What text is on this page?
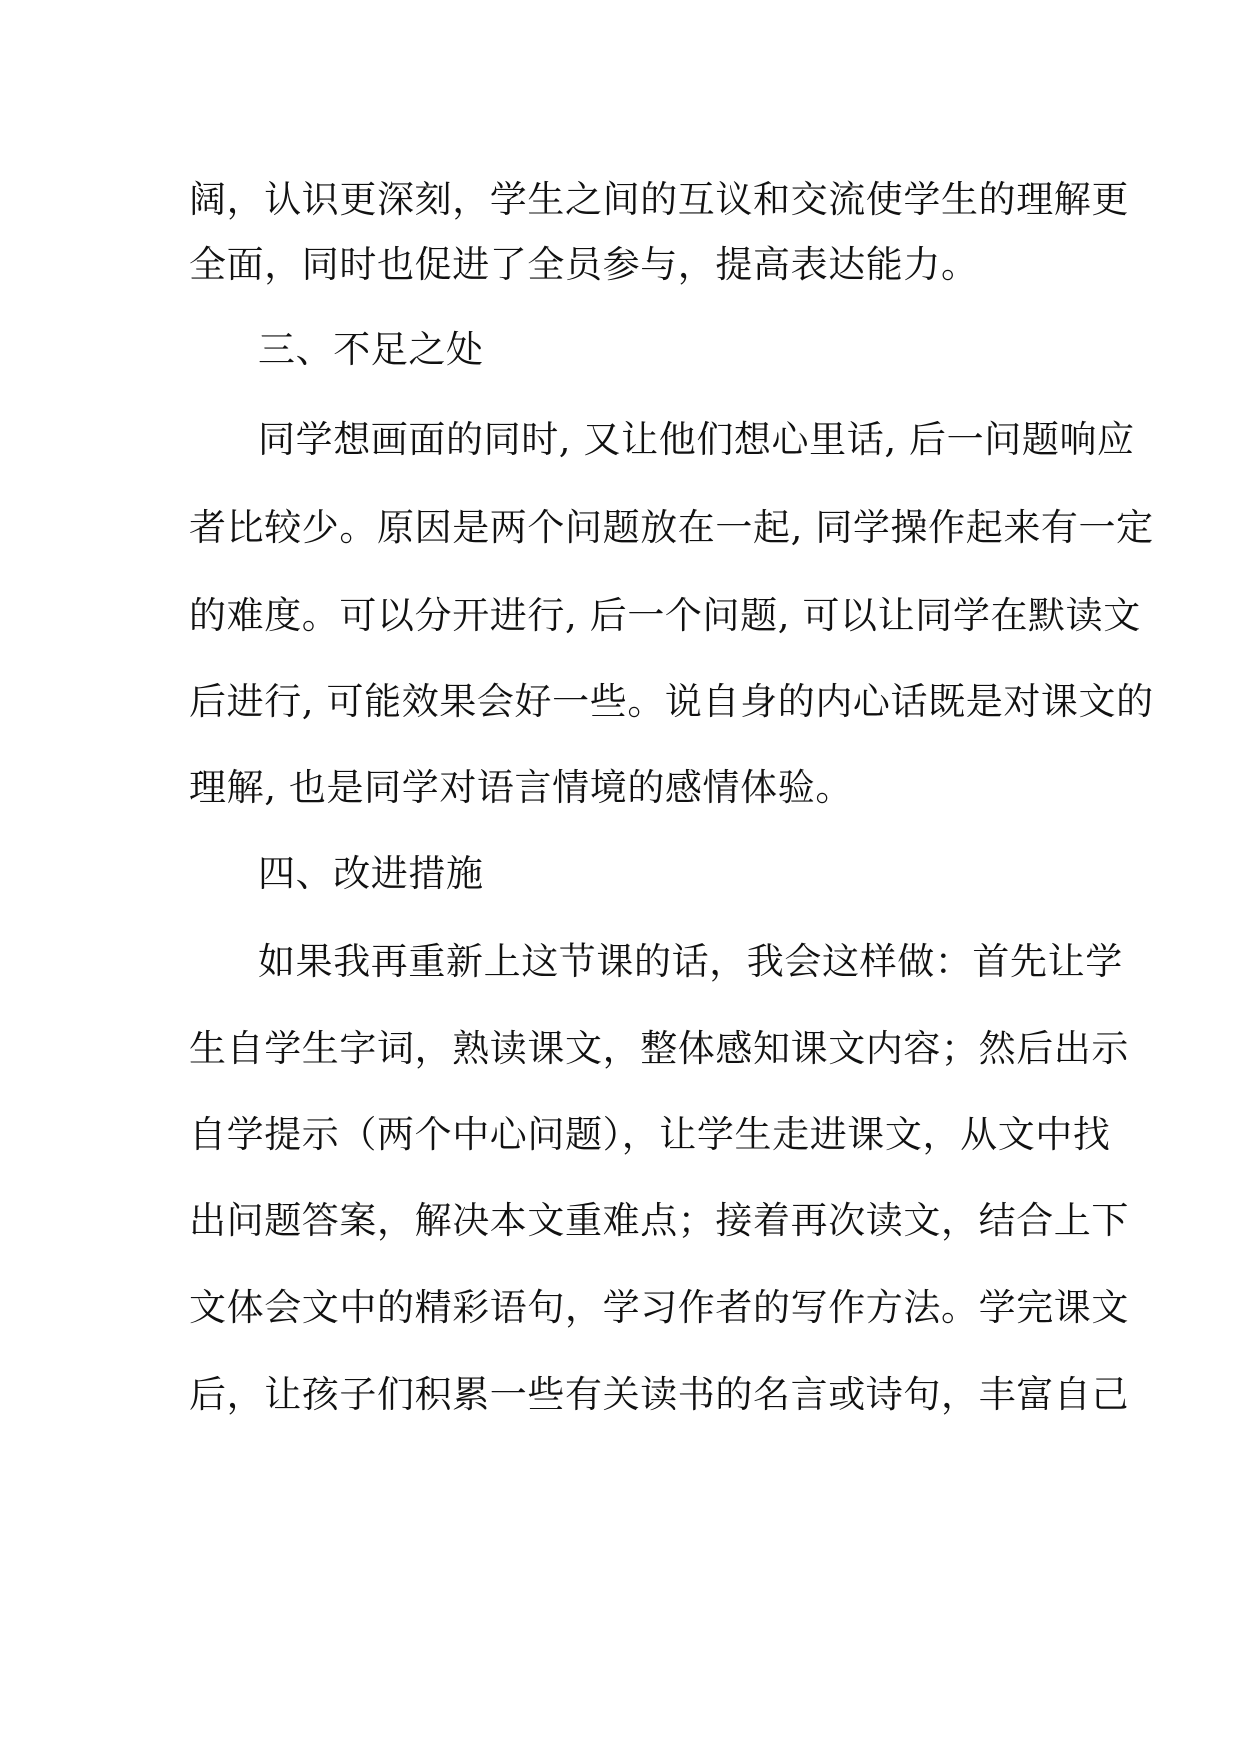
阔，认识更深刻，学生之间的互议和交流使学生的理解更
全面，同时也促进了全员参与，提高表达能力。
三、不足之处
同学想画面的同时, 又让他们想心里话, 后一问题响应
者比较少。原因是两个问题放在一起, 同学操作起来有一定
的难度。可以分开进行, 后一个问题, 可以让同学在默读文
后进行, 可能效果会好一些。说自身的内心话既是对课文的
理解, 也是同学对语言情境的感情体验。
四、改进措施
如果我再重新上这节课的话，我会这样做：首先让学
生自学生字词，熟读课文，整体感知课文内容；然后出示
自学提示（两个中心问题），让学生走进课文，从文中找
出问题答案，解决本文重难点；接着再次读文，结合上下
文体会文中的精彩语句，学习作者的写作方法。学完课文
后，让孩子们积累一些有关读书的名言或诗句，丰富自己
